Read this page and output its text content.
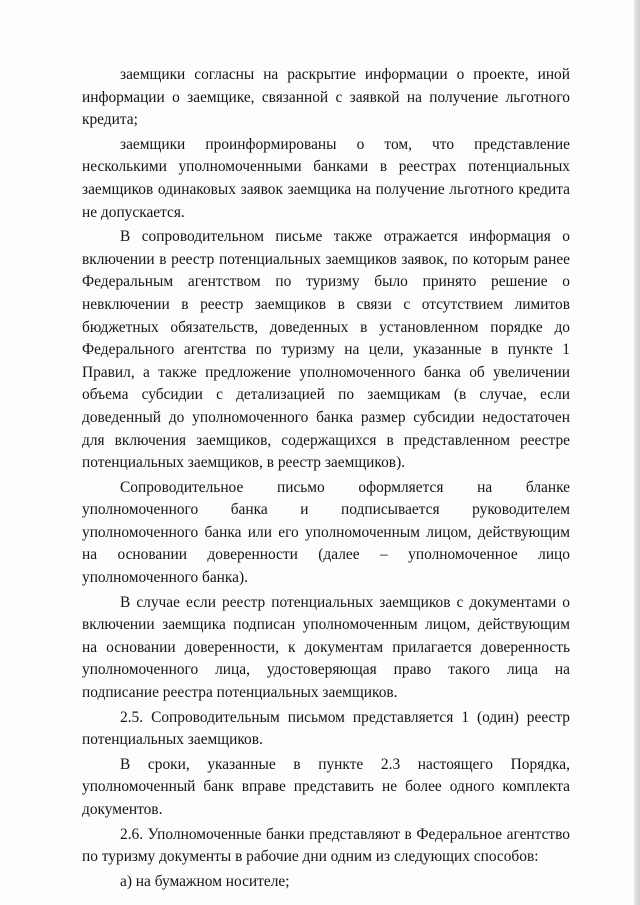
заемщики согласны на раскрытие информации о проекте, иной информации о заемщике, связанной с заявкой на получение льготного кредита;

заемщики проинформированы о том, что представление несколькими уполномоченными банками в реестрах потенциальных заемщиков одинаковых заявок заемщика на получение льготного кредита не допускается.

В сопроводительном письме также отражается информация о включении в реестр потенциальных заемщиков заявок, по которым ранее Федеральным агентством по туризму было принято решение о невключении в реестр заемщиков в связи с отсутствием лимитов бюджетных обязательств, доведенных в установленном порядке до Федерального агентства по туризму на цели, указанные в пункте 1 Правил, а также предложение уполномоченного банка об увеличении объема субсидии с детализацией по заемщикам (в случае, если доведенный до уполномоченного банка размер субсидии недостаточен для включения заемщиков, содержащихся в представленном реестре потенциальных заемщиков, в реестр заемщиков).

Сопроводительное письмо оформляется на бланке уполномоченного банка и подписывается руководителем уполномоченного банка или его уполномоченным лицом, действующим на основании доверенности (далее – уполномоченное лицо уполномоченного банка).

В случае если реестр потенциальных заемщиков с документами о включении заемщика подписан уполномоченным лицом, действующим на основании доверенности, к документам прилагается доверенность уполномоченного лица, удостоверяющая право такого лица на подписание реестра потенциальных заемщиков.

2.5. Сопроводительным письмом представляется 1 (один) реестр потенциальных заемщиков.

В сроки, указанные в пункте 2.3 настоящего Порядка, уполномоченный банк вправе представить не более одного комплекта документов.

2.6. Уполномоченные банки представляют в Федеральное агентство по туризму документы в рабочие дни одним из следующих способов:

а) на бумажном носителе;
